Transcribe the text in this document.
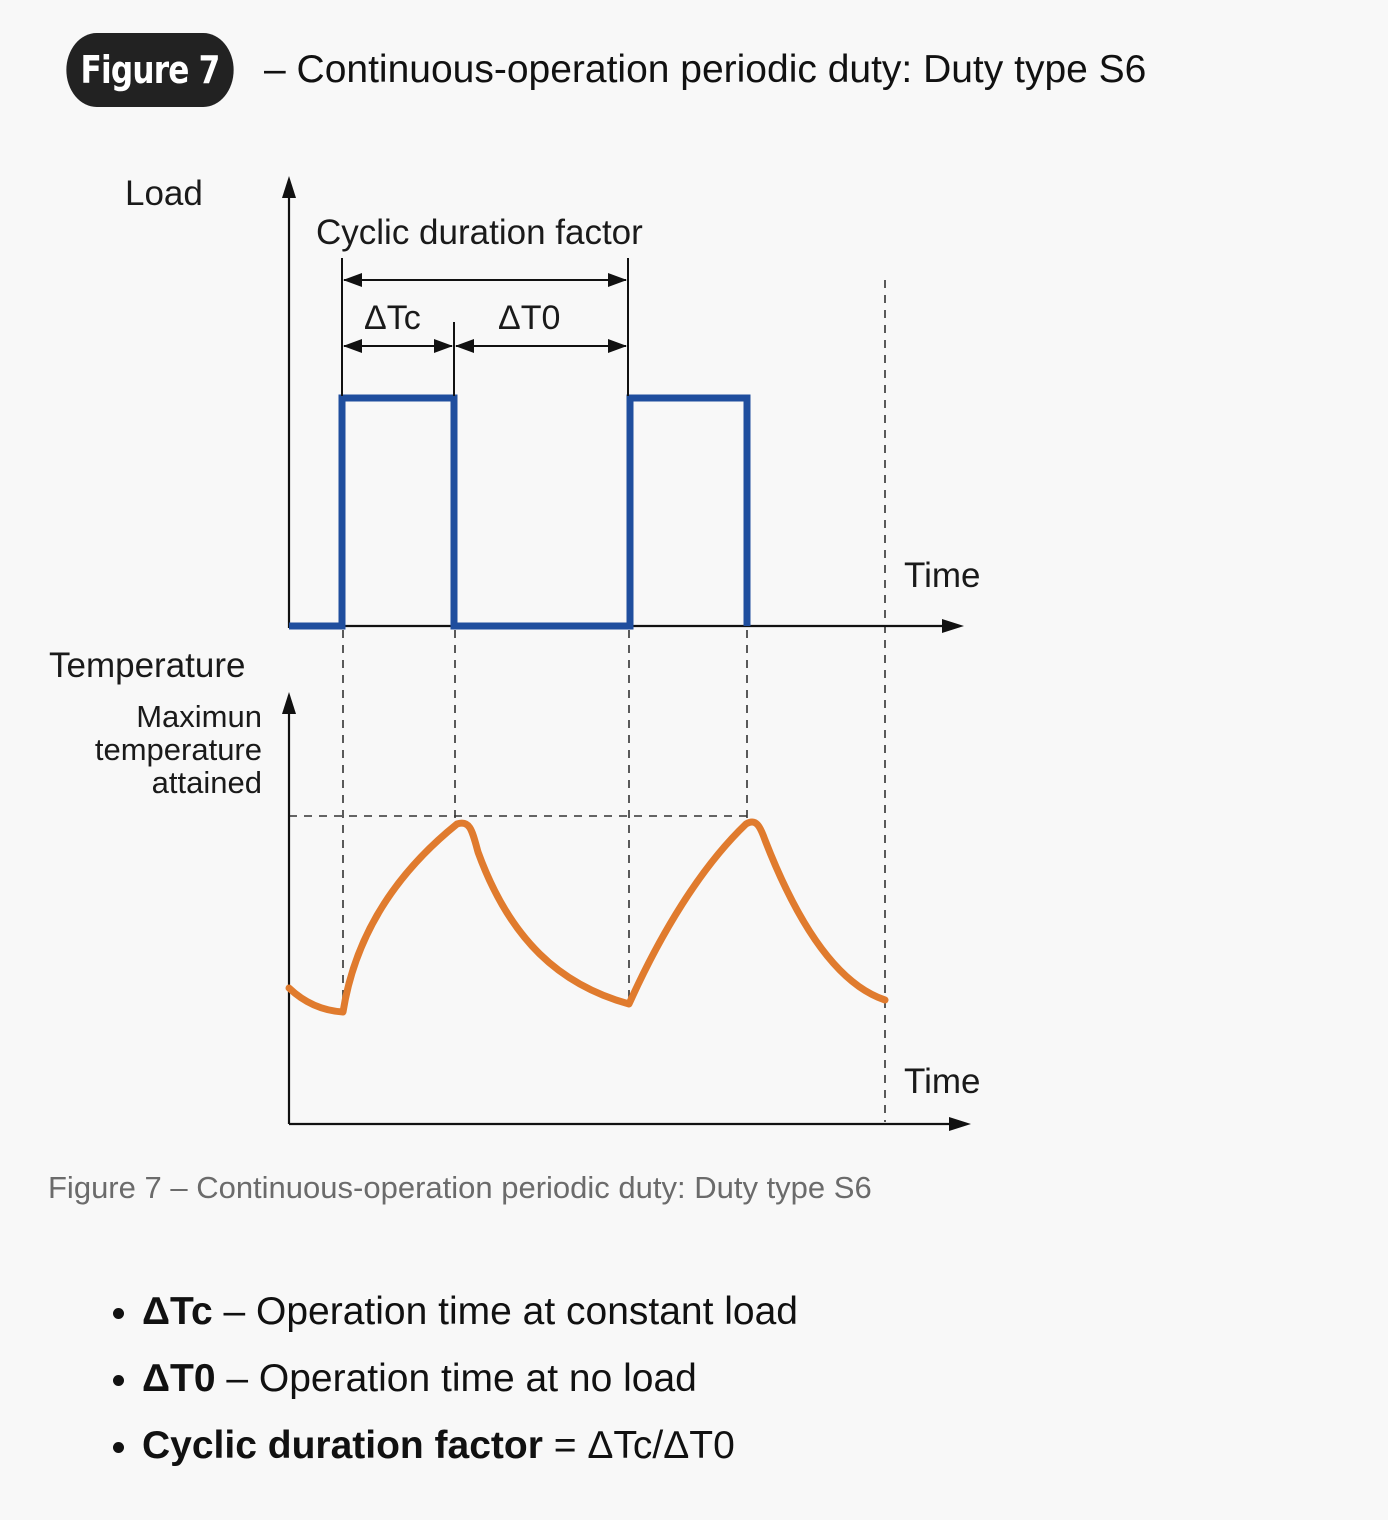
Figure 7	– Continuous-operation periodic duty: Duty type S6
Load
Cyclic duration factor
ΔTc ΔT0
Time
Temperature
Maximun
temperature
attained
Time
Figure 7 – Continuous-operation periodic duty: Duty type S6
• ΔTc – Operation time at constant load
• ΔT0 – Operation time at no load
• Cyclic duration factor = ΔTc/ΔT0
